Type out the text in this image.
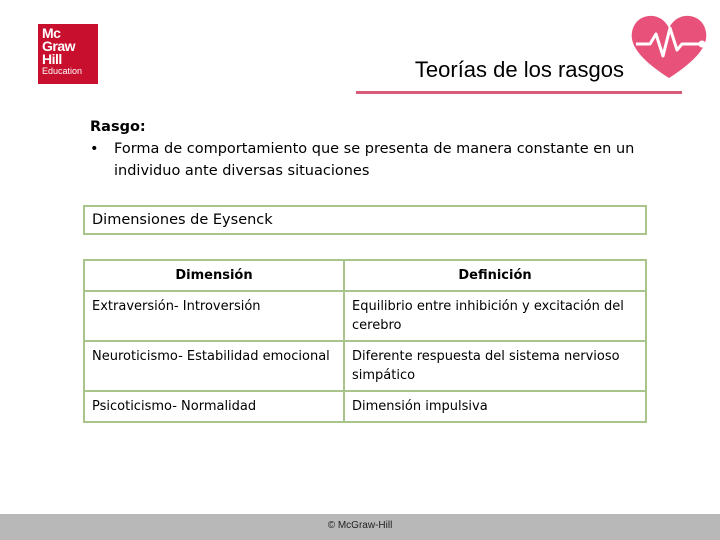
Mc
Graw
Hill
Education	Teorías de los rasgos
Rasgo:
•	Forma de comportamiento que se presenta de manera constante en un individuo ante diversas situaciones
Dimensiones de Eysenck
Dimensión	Definición
Extraversión- Introversión	Equilibrio entre inhibición y excitación del cerebro
Neuroticismo- Estabilidad emocional	Diferente respuesta del sistema nervioso simpático
Psicoticismo- Normalidad	Dimensión impulsiva
© McGraw-Hill
